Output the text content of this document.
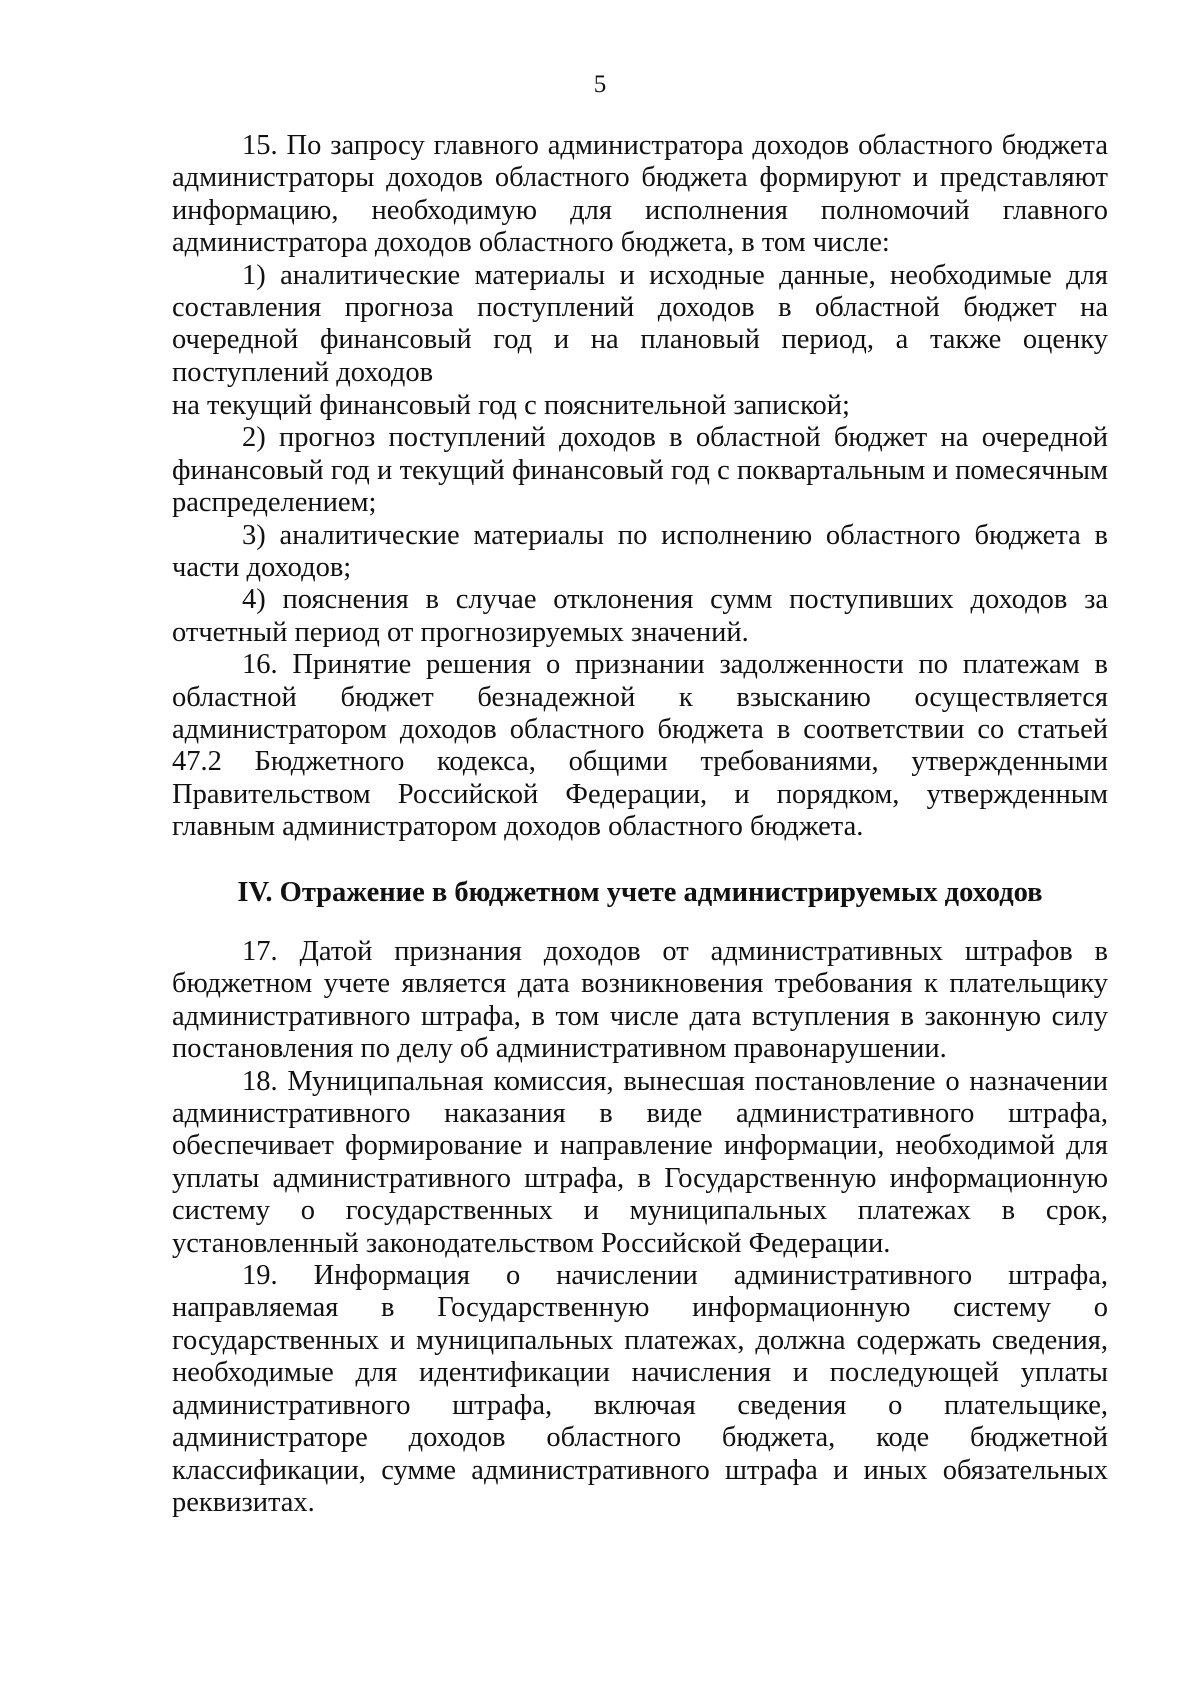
5

15. По запросу главного администратора доходов областного бюджета администраторы доходов областного бюджета формируют и представляют информацию, необходимую для исполнения полномочий главного администратора доходов областного бюджета, в том числе:

1) аналитические материалы и исходные данные, необходимые для составления прогноза поступлений доходов в областной бюджет на очередной финансовый год и на плановый период, а также оценку поступлений доходов

на текущий финансовый год с пояснительной запиской;

2) прогноз поступлений доходов в областной бюджет на очередной финансовый год и текущий финансовый год с поквартальным и помесячным распределением;

3) аналитические материалы по исполнению областного бюджета в части доходов;

4) пояснения в случае отклонения сумм поступивших доходов за отчетный период от прогнозируемых значений.

16. Принятие решения о признании задолженности по платежам в областной бюджет безнадежной к взысканию осуществляется администратором доходов областного бюджета в соответствии со статьей 47.2 Бюджетного кодекса, общими требованиями, утвержденными Правительством Российской Федерации, и порядком, утвержденным главным администратором доходов областного бюджета.

IV. Отражение в бюджетном учете администрируемых доходов

17. Датой признания доходов от административных штрафов в бюджетном учете является дата возникновения требования к плательщику административного штрафа, в том числе дата вступления в законную силу постановления по делу об административном правонарушении.

18. Муниципальная комиссия, вынесшая постановление о назначении административного наказания в виде административного штрафа, обеспечивает формирование и направление информации, необходимой для уплаты административного штрафа, в Государственную информационную систему о государственных и муниципальных платежах в срок, установленный законодательством Российской Федерации.

19. Информация о начислении административного штрафа, направляемая в Государственную информационную систему о государственных и муниципальных платежах, должна содержать сведения, необходимые для идентификации начисления и последующей уплаты административного штрафа, включая сведения о плательщике, администраторе доходов областного бюджета, коде бюджетной классификации, сумме административного штрафа и иных обязательных реквизитах.
